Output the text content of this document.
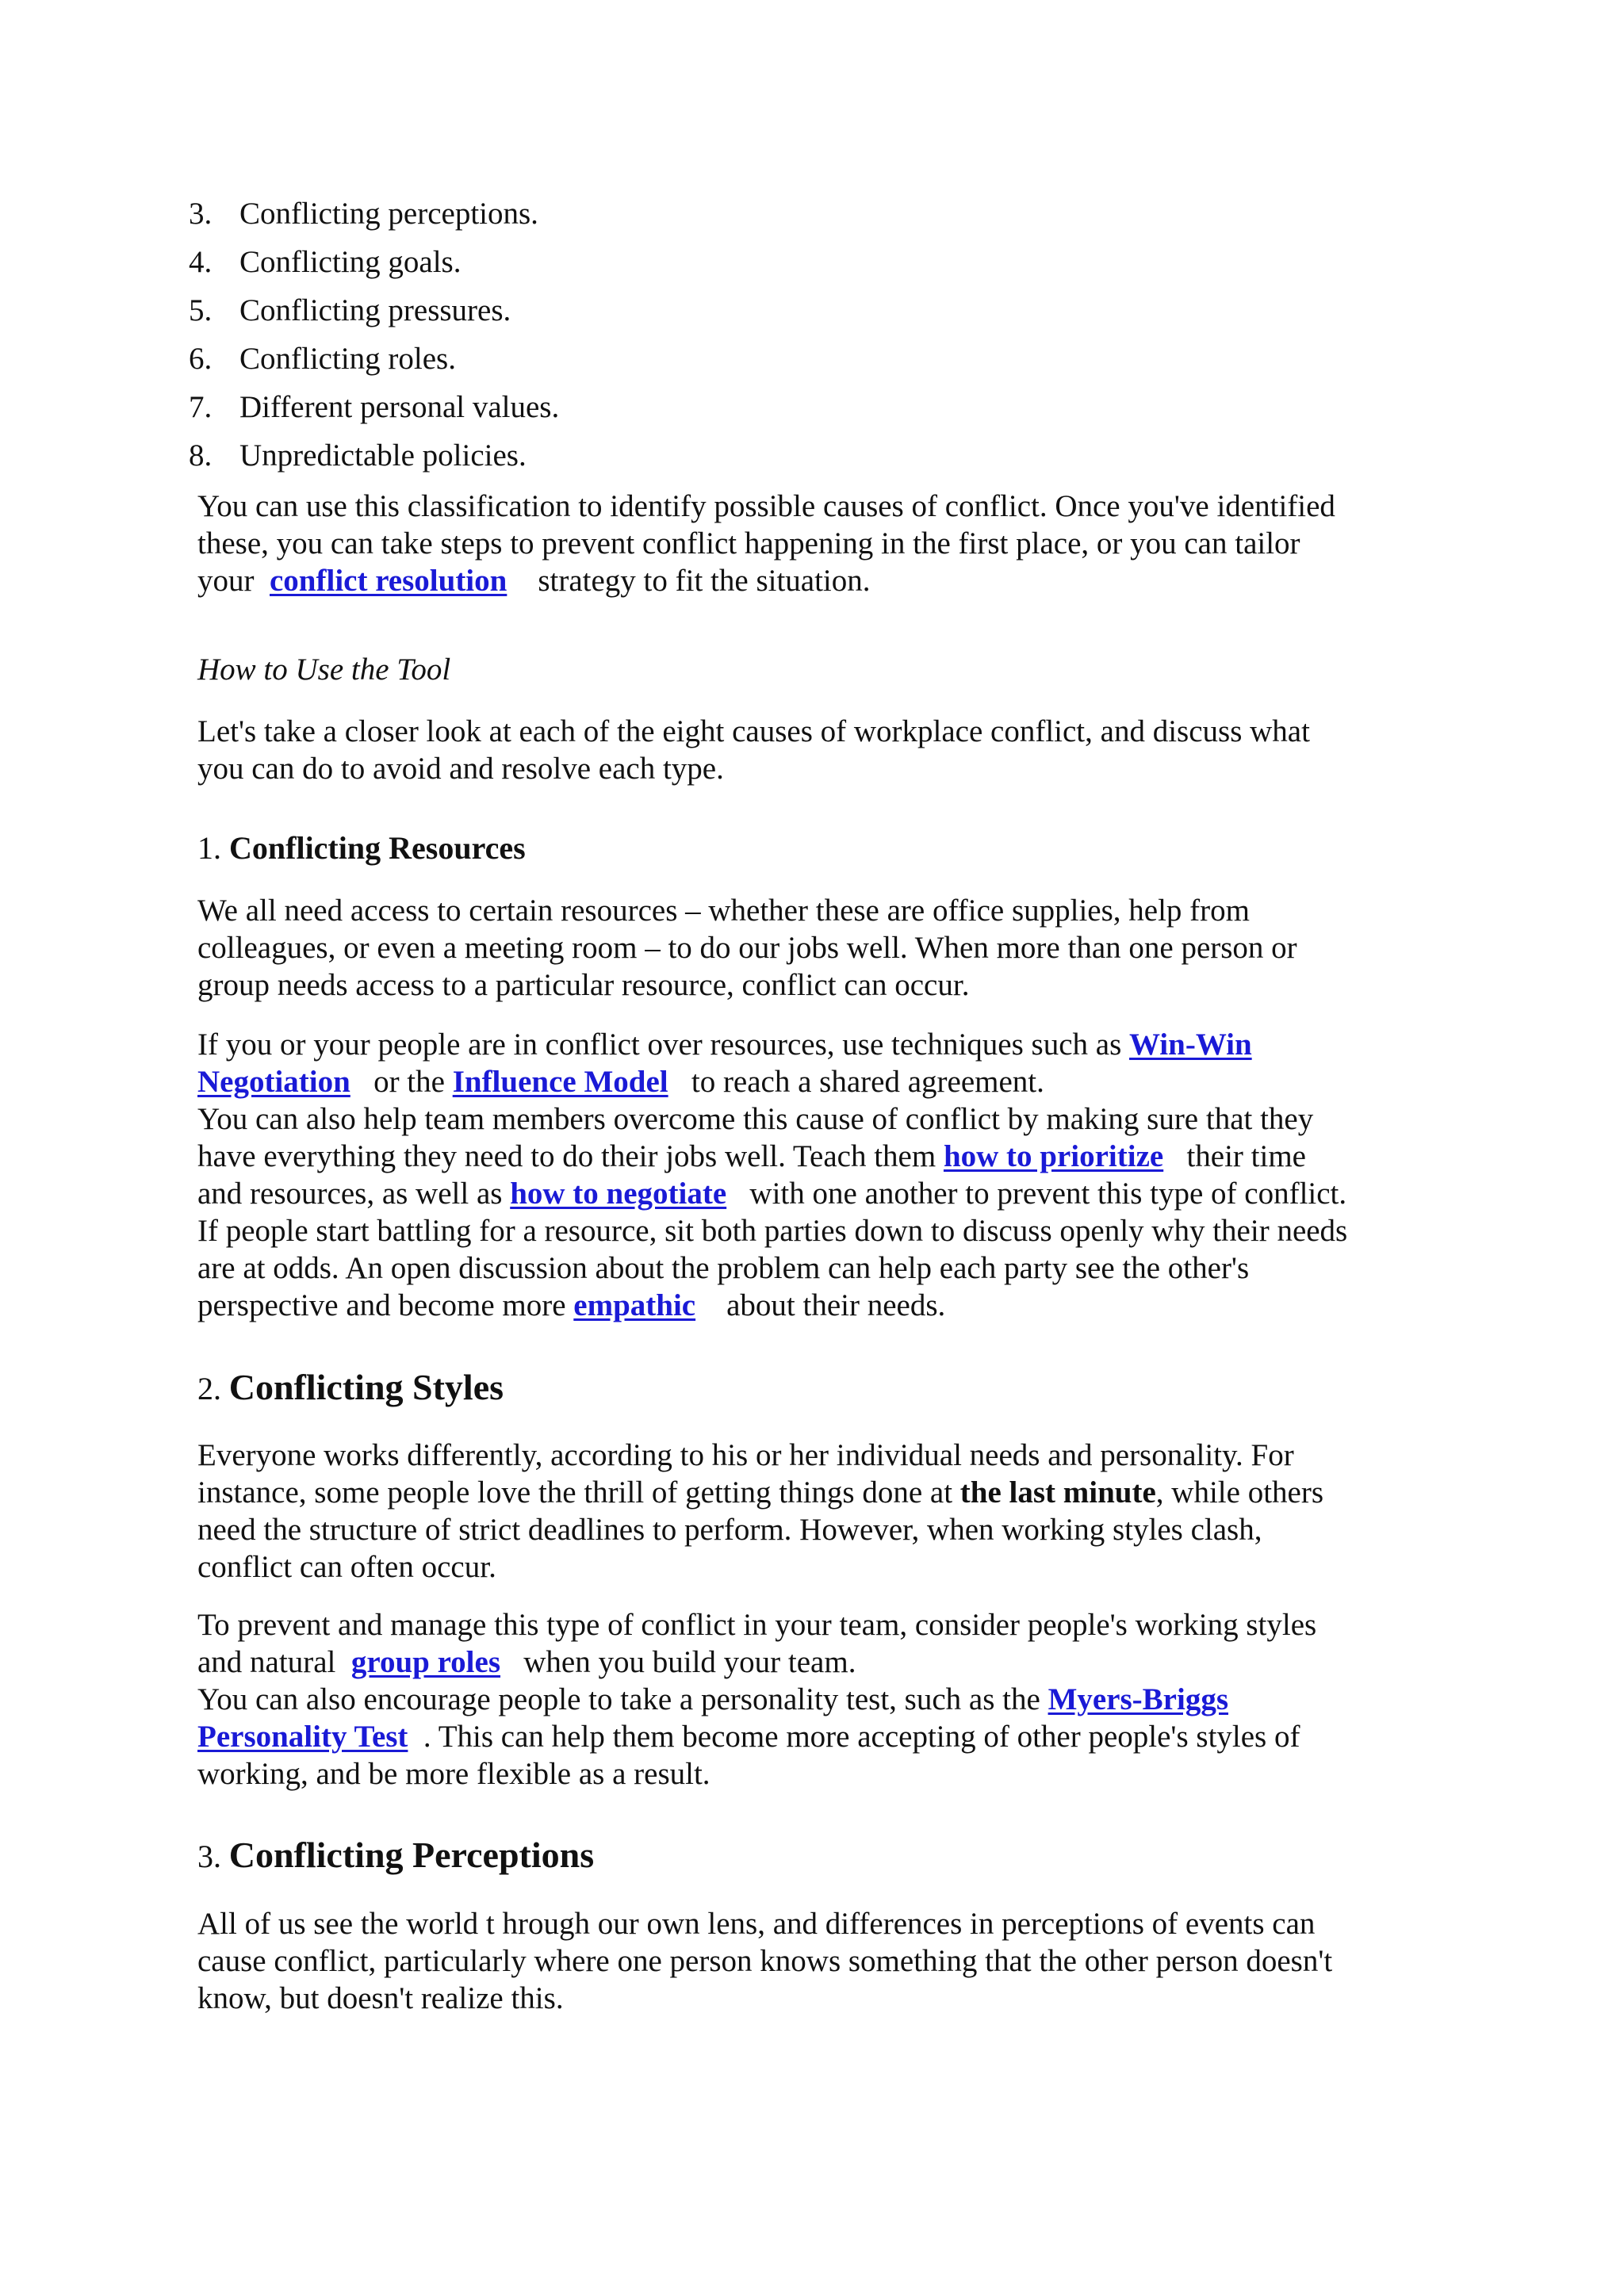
3. Conflicting perceptions.
4. Conflicting goals.
5. Conflicting pressures.
6. Conflicting roles.
7. Different personal values.
8. Unpredictable policies.

You can use this classification to identify possible causes of conflict. Once you've identified
these, you can take steps to prevent conflict happening in the first place, or you can tailor
your conflict resolution strategy to fit the situation.

How to Use the Tool

Let's take a closer look at each of the eight causes of workplace conflict, and discuss what
you can do to avoid and resolve each type.

1. Conflicting Resources

We all need access to certain resources – whether these are office supplies, help from
colleagues, or even a meeting room – to do our jobs well. When more than one person or
group needs access to a particular resource, conflict can occur.

If you or your people are in conflict over resources, use techniques such as Win-Win
Negotiation or the Influence Model to reach a shared agreement.
You can also help team members overcome this cause of conflict by making sure that they
have everything they need to do their jobs well. Teach them how to prioritize their time
and resources, as well as how to negotiate with one another to prevent this type of conflict.
If people start battling for a resource, sit both parties down to discuss openly why their needs
are at odds. An open discussion about the problem can help each party see the other's
perspective and become more empathic about their needs.

2. Conflicting Styles

Everyone works differently, according to his or her individual needs and personality. For
instance, some people love the thrill of getting things done at the last minute, while others
need the structure of strict deadlines to perform. However, when working styles clash,
conflict can often occur.

To prevent and manage this type of conflict in your team, consider people's working styles
and natural group roles when you build your team.
You can also encourage people to take a personality test, such as the Myers-Briggs
Personality Test . This can help them become more accepting of other people's styles of
working, and be more flexible as a result.

3. Conflicting Perceptions

All of us see the world t hrough our own lens, and differences in perceptions of events can
cause conflict, particularly where one person knows something that the other person doesn't
know, but doesn't realize this.
